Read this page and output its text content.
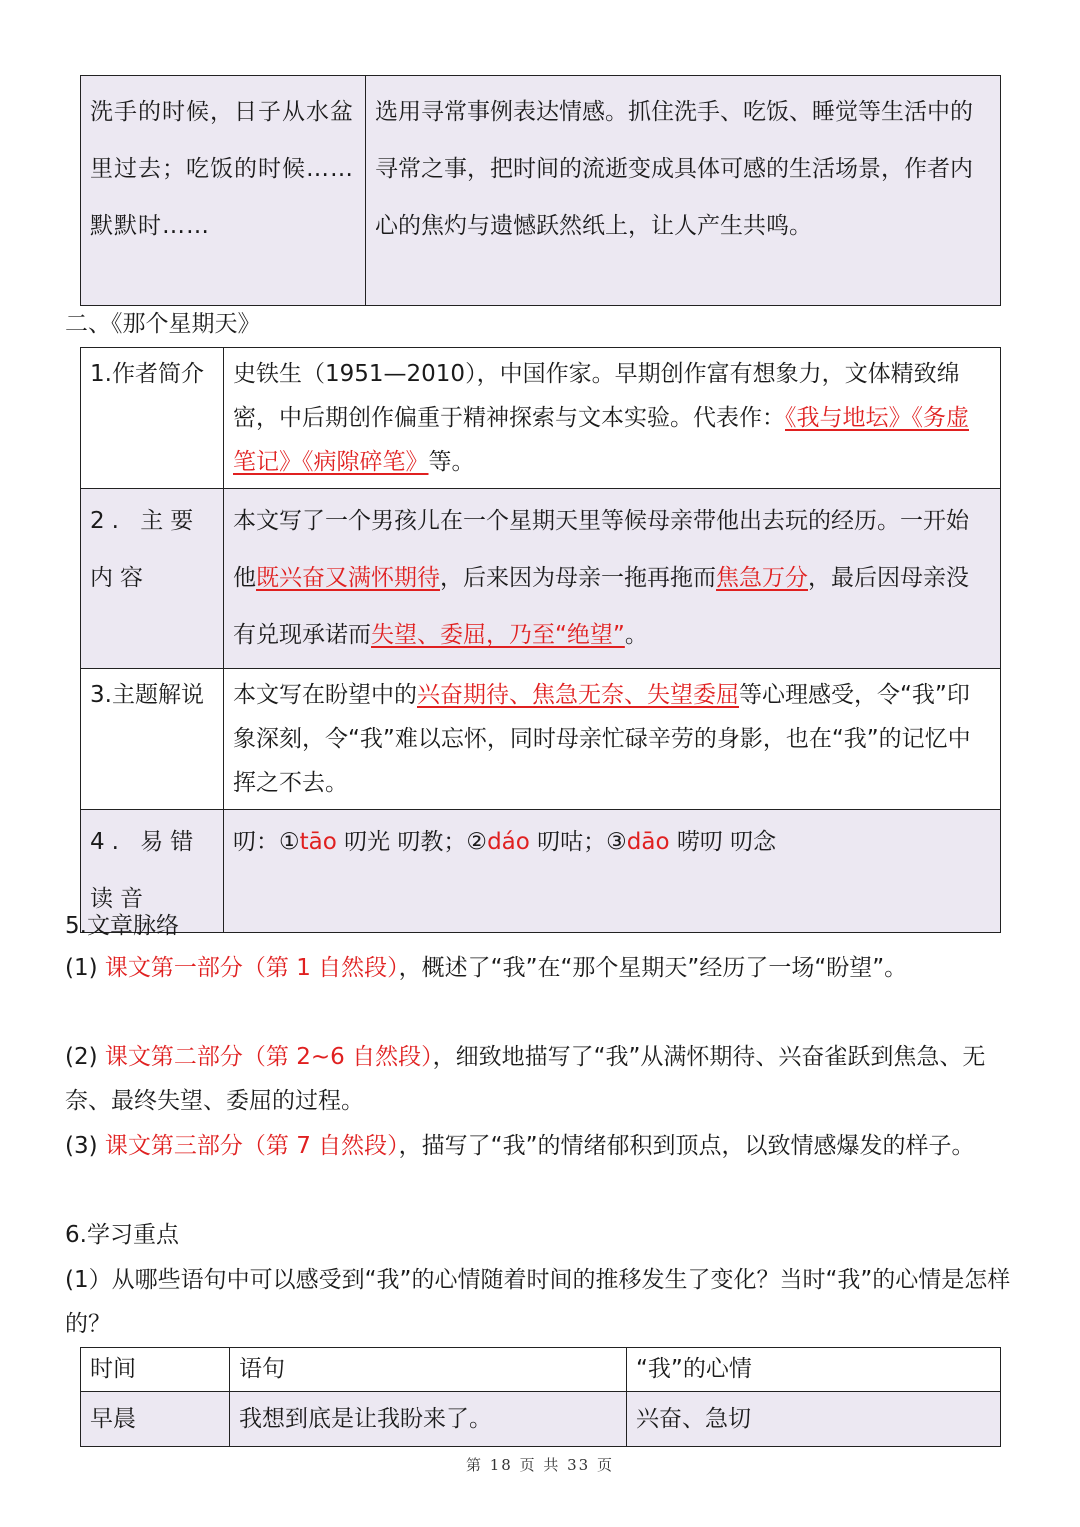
洗手的时候，日子从水盆里过去；吃饭的时候……默默时……	选用寻常事例表达情感。抓住洗手、吃饭、睡觉等生活中的寻常之事，把时间的流逝变成具体可感的生活场景，作者内心的焦灼与遗憾跃然纸上，让人产生共鸣。
二、《那个星期天》
1.作者简介	史铁生（1951—2010），中国作家。早期创作富有想象力，文体精致绵密，中后期创作偏重于精神探索与文本实验。代表作：《我与地坛》《务虚笔记》《病隙碎笔》等。
2. 主要内容	本文写了一个男孩儿在一个星期天里等候母亲带他出去玩的经历。一开始他既兴奋又满怀期待，后来因为母亲一拖再拖而焦急万分，最后因母亲没有兑现承诺而失望、委屈，乃至“绝望”。
3.主题解说	本文写在盼望中的兴奋期待、焦急无奈、失望委屈等心理感受，令“我”印象深刻，令“我”难以忘怀，同时母亲忙碌辛劳的身影，也在“我”的记忆中挥之不去。
4. 易错读音	叨：①tāo 叨光 叨教；②dáo 叨咕；③dāo 唠叨 叨念
5.文章脉络
(1) 课文第一部分（第 1 自然段），概述了“我”在“那个星期天”经历了一场“盼望”。
(2) 课文第二部分（第 2~6 自然段），细致地描写了“我”从满怀期待、兴奋雀跃到焦急、无奈、最终失望、委屈的过程。
(3) 课文第三部分（第 7 自然段），描写了“我”的情绪郁积到顶点，以致情感爆发的样子。
6.学习重点
(1）从哪些语句中可以感受到“我”的心情随着时间的推移发生了变化？当时“我”的心情是怎样的？
时间	语句	“我”的心情
早晨	我想到底是让我盼来了。	兴奋、急切
第 18 页 共 33 页
